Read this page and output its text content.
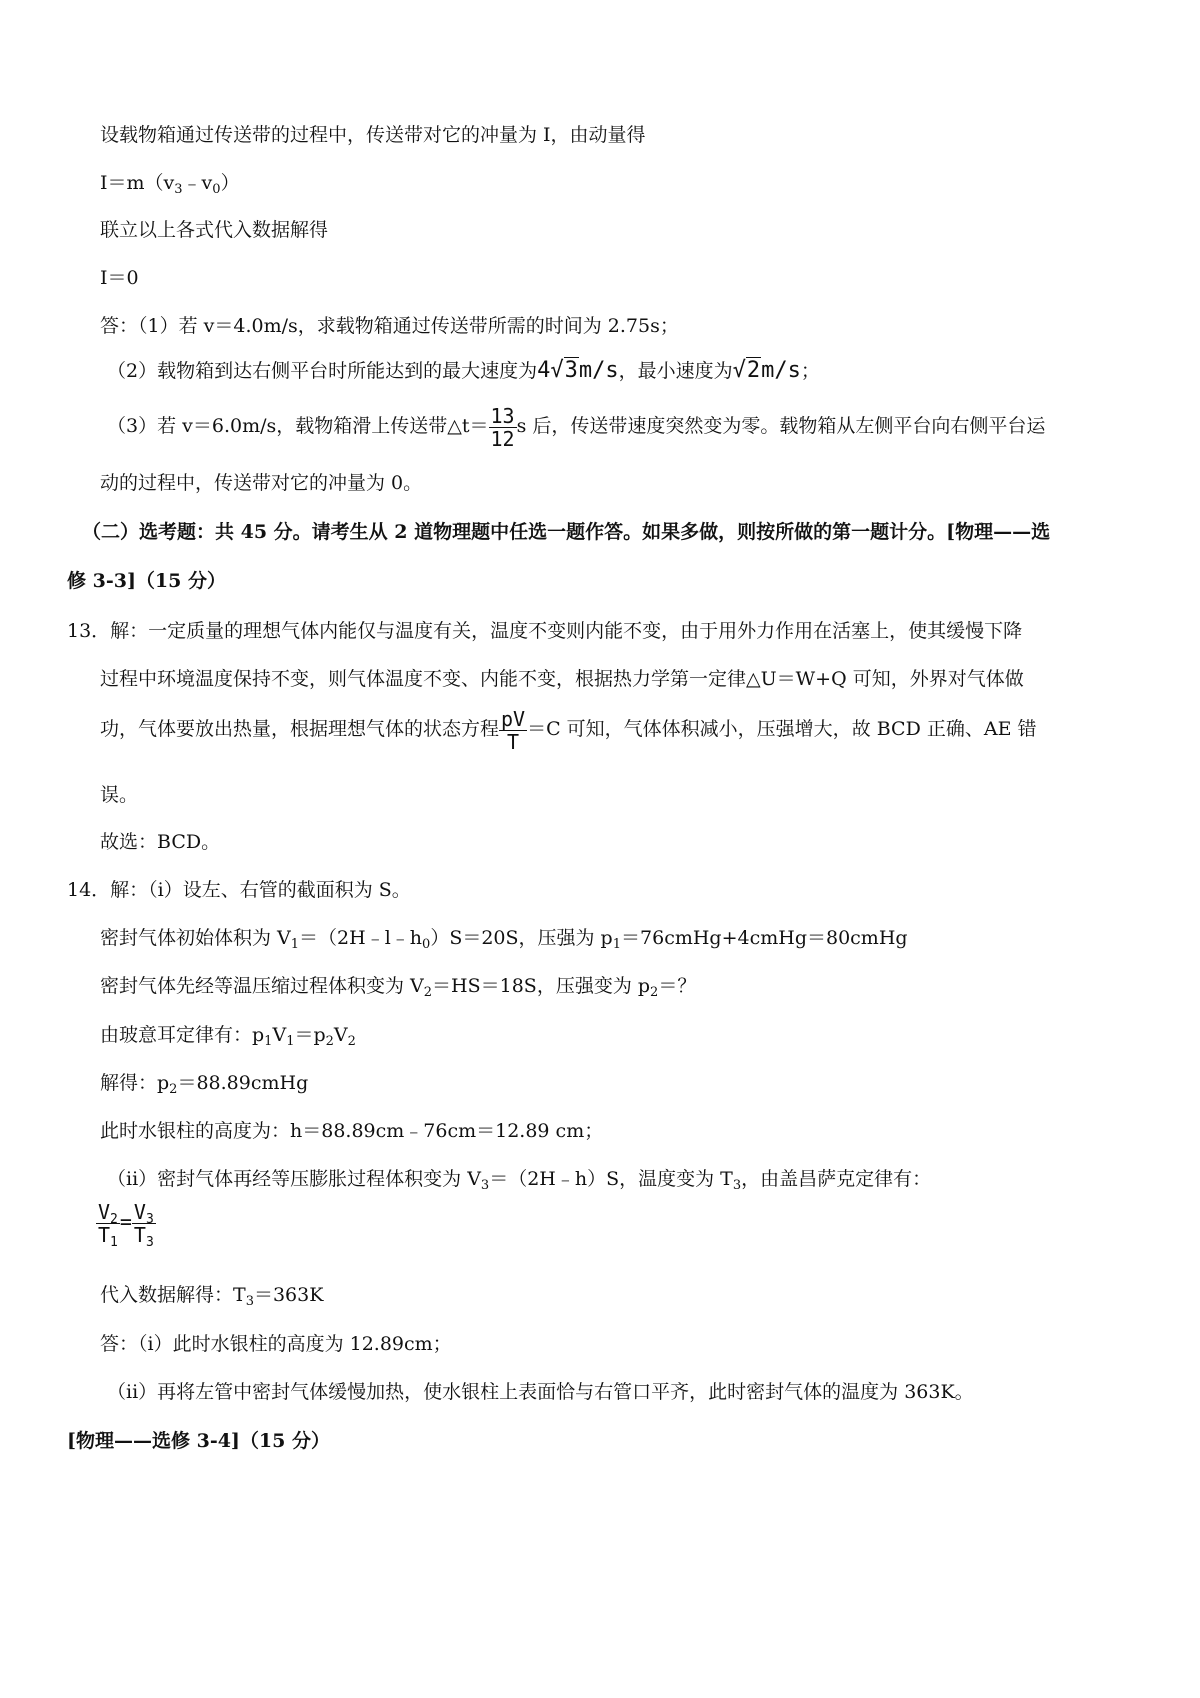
设载物箱通过传送带的过程中，传送带对它的冲量为 I，由动量得
$I=m(v_3﹣v_0)$
联立以上各式代入数据解得
I＝0
答：（1）若 v＝4.0m/s，求载物箱通过传送带所需的时间为 2.75s；
（2）载物箱到达右侧平台时所能达到的最大速度为4√3m/s，最小速度为√2m/s；
（3）若 v＝6.0m/s，载物箱滑上传送带△t＝ $\frac{13}{12}$ s 后，传送带速度突然变为零。载物箱从左侧平台向右侧平台运
动的过程中，传送带对它的冲量为 0。
（二）选考题：共 45 分。请考生从 2 道物理题中任选一题作答。如果多做，则按所做的第一题计分。[物理——选
修 3-3]（15 分）
13．解：一定质量的理想气体内能仅与温度有关，温度不变则内能不变，由于用外力作用在活塞上，使其缓慢下降
过程中环境温度保持不变，则气体温度不变、内能不变，根据热力学第一定律△U＝W+Q 可知，外界对气体做
功，气体要放出热量，根据理想气体的状态方程 $\frac{pV}{T} =C$ 可知，气体体积减小，压强增大，故 BCD 正确、AE 错
误。
故选：BCD。
14．解：（i）设左、右管的截面积为 S。
密封气体初始体积为 $V_1=(2H﹣l﹣h_0)S=20S$，压强为 $p_1=76cmHg+4cmHg=80cmHg$
密封气体先经等温压缩过程体积变为 $V_2=HS=18S$，压强变为 $p_2=$？
由玻意耳定律有：$p_1V_1=p_2V_2$
解得：$p_2=88.89cmHg$
此时水银柱的高度为：h＝88.89cm﹣76cm＝12.89 cm；
（ii）密封气体再经等压膨胀过程体积变为 $V_3=(2H﹣h)S$，温度变为 $T_3$，由盖昌萨克定律有：
$\frac{V_2}{T_1} = \frac{V_3}{T_3}$
代入数据解得：$T_3=363K$
答：（i）此时水银柱的高度为 12.89cm；
（ii）再将左管中密封气体缓慢加热，使水银柱上表面恰与右管口平齐，此时密封气体的温度为 363K。
[物理——选修 3-4]（15 分）
